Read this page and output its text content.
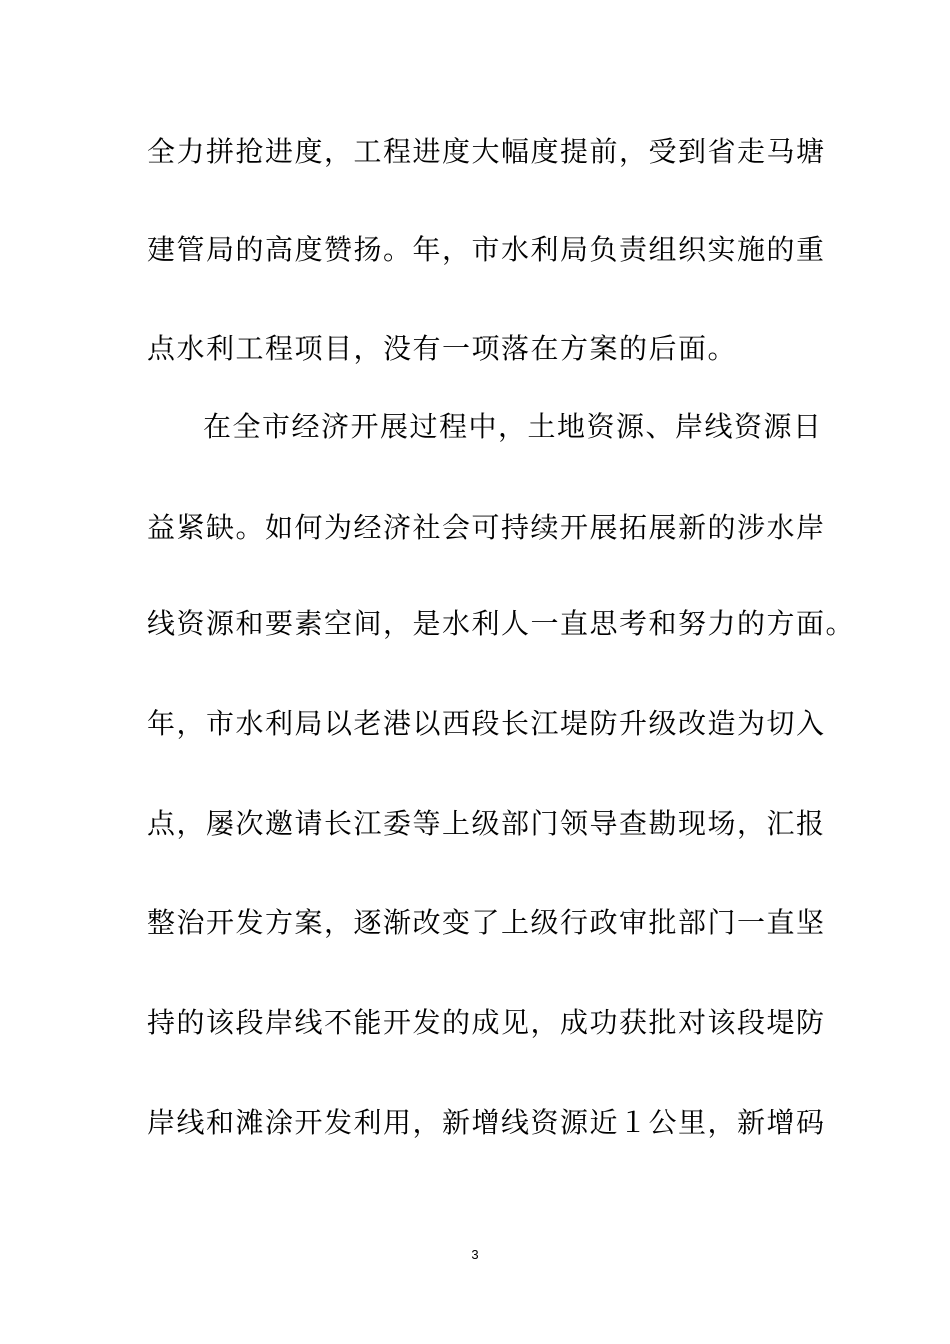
全力拼抢进度，工程进度大幅度提前，受到省走马塘
建管局的高度赞扬。年，市水利局负责组织实施的重
点水利工程项目，没有一项落在方案的后面。
在全市经济开展过程中，土地资源、岸线资源日
益紧缺。如何为经济社会可持续开展拓展新的涉水岸
线资源和要素空间，是水利人一直思考和努力的方面。
年，市水利局以老港以西段长江堤防升级改造为切入
点，屡次邀请长江委等上级部门领导查勘现场，汇报
整治开发方案，逐渐改变了上级行政审批部门一直坚
持的该段岸线不能开发的成见，成功获批对该段堤防
岸线和滩涂开发利用，新增线资源近１公里，新增码
3
